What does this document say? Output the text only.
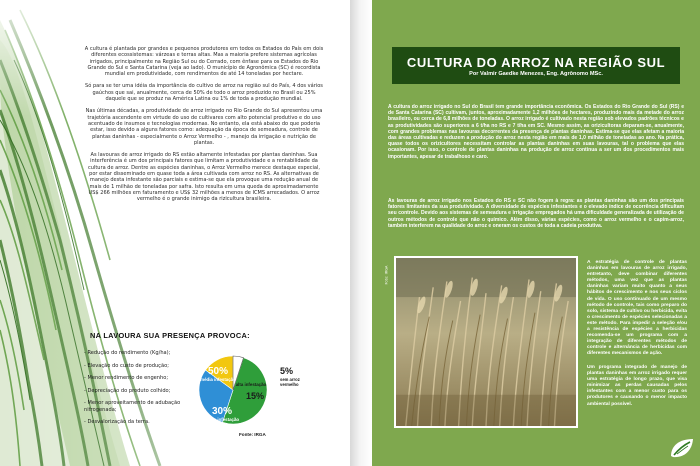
A cultura é plantada por grandes e pequenos produtores em todos os Estados do País em dois diferentes ecossistemas: várzeas e terras altas. Mas a maioria prefere sistemas agrícolas irrigados, principalmente na Região Sul ou do Cerrado, com ênfase para os Estados do Rio Grande do Sul e Santa Catarina (veja ao lado). O município de Agronômica (SC) é recordista mundial em produtividade, com rendimentos de até 14 toneladas por hectare.

Só para se ter uma idéia da importância do cultivo de arroz na região sul do País, 4 dos vários gaúchos que sai, anualmente, cerca de 50% de todo o arroz produzido no Brasil ou 25% daquele que se produz na América Latina ou 1% de toda a produção mundial.

Nas últimas décadas, a produtividade de arroz irrigado no Rio Grande do Sul apresentou uma trajetória ascendente em virtude do uso de cultivares com alto potencial produtivo e do uso acentuado de insumos e tecnologias modernas. No entanto, ela está abaixo do que poderia estar, isso devido a alguns fatores como: adequação da época de semeadura, controle de plantas daninhas - especialmente o Arroz Vermelho - , manejo da irrigação e nutrição de plantas.

As lavouras de arroz irrigado do RS estão altamente infestadas por plantas daninhas. Sua interferência é um dos principais fatores que limitam a produtividade e a rentabilidade da cultura de arroz. Dentre as espécies daninhas, o Arroz Vermelho merece destaque especial, por estar disseminado em quase toda a área cultivada com arroz no RS. As alternativas de manejo desta infestante são parciais e estima-se que ela provoque uma redução anual de mais de 1 milhão de toneladas por safra. Isto resulta em uma queda de aproximadamente US$ 266 milhões em faturamento e US$ 32 milhões a menos de ICMS arrecadados. O arroz vermelho é o grande inimigo da rizicultura brasileira.

NA LAVOURA SUA PRESENÇA PROVOCA:
- Redução do rendimento (Kg/ha);
- Elevação do custo de produção;
- Menor rendimento de engenho;
- Depreciação do produto colhido;
- Menor aproveitamento de adubação nitrogenada;
- Desvalorização da terra.
50%
média infestação
30%
baixa infestação
15%
alta infestação
5%
sem arroz
vermelho
Fonte: IRGA
CULTURA DO ARROZ NA REGIÃO SUL
Por Valmir Gaedke Menezes, Eng. Agrônomo MSc.
A cultura do arroz irrigado no Sul do Brasil tem grande importância econômica. Os Estados do Rio Grande do Sul (RS) e de Santa Catarina (SC) cultivam, juntos, aproximadamente 1,2 milhões de hectares, produzindo mais da metade do arroz brasileiro, ou cerca de 6,8 milhões de toneladas. O arroz irrigado é cultivado nesta região sob elevados padrões técnicos e as produtividades são superiores a 6 t/ha no RS e 7 t/ha em SC. Mesmo assim, as orizicultoras deparam-se, anualmente, com grandes problemas nas lavouras decorrentes da presença de plantas daninhas. Estima-se que elas afetam a maioria das áreas cultivadas e reduzem a produção do arroz nesta região em mais de 1,0 milhão de toneladas ao ano. Na prática, quase todos os orizicultores necessitam controlar as plantas daninhas em suas lavouras, tal o problema que elas ocasionam. Por isso, o controle de plantas daninhas na produção de arroz continua a ser um dos procedimentos mais importantes, apesar de trabalhoso e caro.
As lavouras de arroz irrigado nos Estados do RS e SC não fogem à regra: as plantas daninhas são um dos principais fatores limitantes da sua produtividade. A diversidade de espécies infestantes e o elevado índice de ocorrência dificultam seu controle. Devido aos sistemas de semeadura e irrigação empregados há uma dificuldade generalizada de utilização de outros métodos de controle que não o químico. Além disso, várias espécies, como o arroz vermelho e o capim-arroz, também interferem na qualidade do arroz e oneram os custos de toda a cadeia produtiva.
Foto: IRGA
A estratégia de controle de plantas daninhas em lavouras de arroz irrigado, entretanto, deve combinar diferentes métodos, uma vez que as plantas daninhas variam muito quanto a seus hábitos de crescimento e nos seus ciclos de vida. O uso continuado de um mesmo método de controle, tais como preparo do solo, sistema de cultivo ou herbicida, evita o crescimento de espécies selecionadas a este método. Para impedir a seleção e/ou a resistência de espécies a herbicidas recomenda-se um programa com a integração de diferentes métodos de controle e alternância de herbicidas com diferentes mecanismos de ação.
Um programa integrado de manejo de plantas daninhas em arroz irrigado requer uma estratégia de longo prazo, que visa minimizar as perdas causadas pelos infestantes com a menor custo para os produtores e causando o menor impacto ambiental possível.
